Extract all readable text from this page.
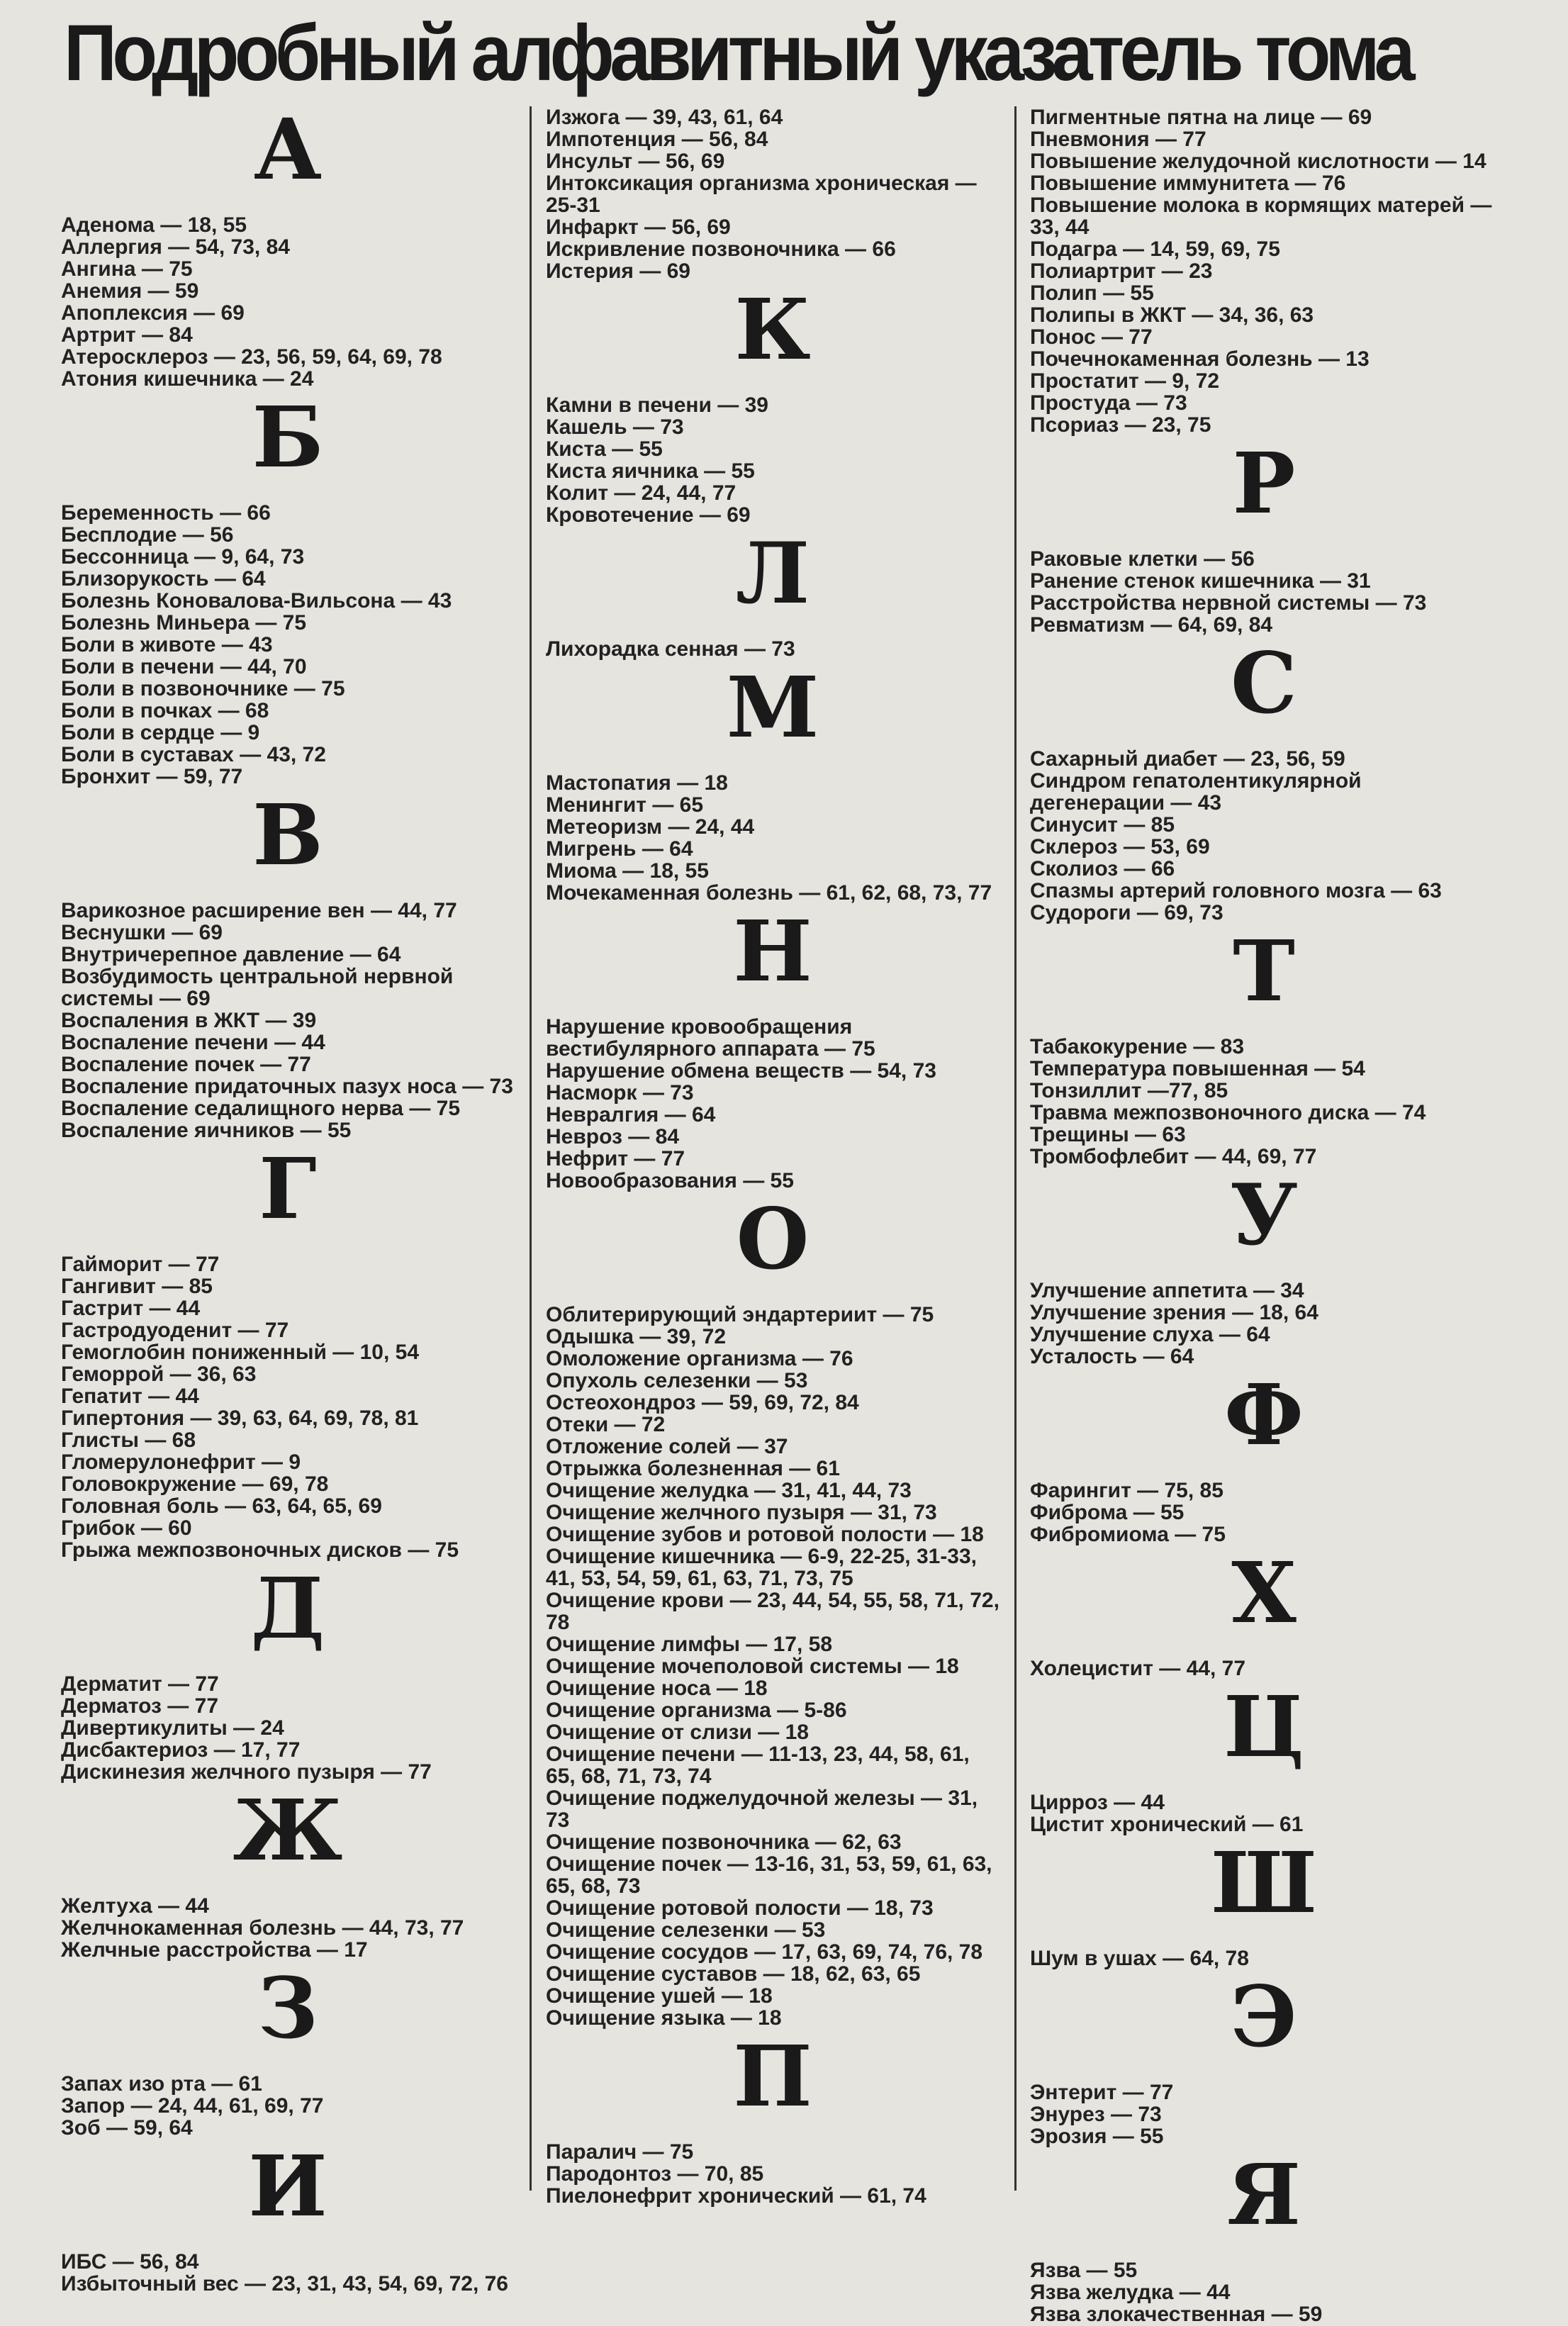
Подробный алфавитный указатель тома
А
Аденома — 18, 55
Аллергия — 54, 73, 84
Ангина — 75
Анемия — 59
Апоплексия — 69
Артрит — 84
Атеросклероз — 23, 56, 59, 64, 69, 78
Атония кишечника — 24
Б
Беременность — 66
Бесплодие — 56
Бессонница — 9, 64, 73
Близорукость — 64
Болезнь Коновалова-Вильсона — 43
Болезнь Миньера — 75
Боли в животе — 43
Боли в печени — 44, 70
Боли в позвоночнике — 75
Боли в почках — 68
Боли в сердце — 9
Боли в суставах — 43, 72
Бронхит — 59, 77
В
Варикозное расширение вен — 44, 77
Веснушки — 69
Внутричерепное давление — 64
Возбудимость центральной нервной системы — 69
Воспаления в ЖКТ — 39
Воспаление печени — 44
Воспаление почек — 77
Воспаление придаточных пазух носа — 73
Воспаление седалищного нерва — 75
Воспаление яичников — 55
Г
Гайморит — 77
Гангивит — 85
Гастрит — 44
Гастродуоденит — 77
Гемоглобин пониженный — 10, 54
Геморрой — 36, 63
Гепатит — 44
Гипертония — 39, 63, 64, 69, 78, 81
Глисты — 68
Гломерулонефрит — 9
Головокружение — 69, 78
Головная боль — 63, 64, 65, 69
Грибок — 60
Грыжа межпозвоночных дисков — 75
Д
Дерматит — 77
Дерматоз — 77
Дивертикулиты — 24
Дисбактериоз — 17, 77
Дискинезия желчного пузыря — 77
Ж
Желтуха — 44
Желчнокаменная болезнь — 44, 73, 77
Желчные расстройства — 17
З
Запах изо рта — 61
Запор — 24, 44, 61, 69, 77
Зоб — 59, 64
И
ИБС — 56, 84
Избыточный вес — 23, 31, 43, 54, 69, 72, 76
Изжога — 39, 43, 61, 64
Импотенция — 56, 84
Инсульт — 56, 69
Интоксикация организма хроническая — 25-31
Инфаркт — 56, 69
Искривление позвоночника — 66
Истерия — 69
К
Камни в печени — 39
Кашель — 73
Киста — 55
Киста яичника — 55
Колит — 24, 44, 77
Кровотечение — 69
Л
Лихорадка сенная — 73
М
Мастопатия — 18
Менингит — 65
Метеоризм — 24, 44
Мигрень — 64
Миома — 18, 55
Мочекаменная болезнь — 61, 62, 68, 73, 77
Н
Нарушение кровообращения вестибулярного аппарата — 75
Нарушение обмена веществ — 54, 73
Насморк — 73
Невралгия — 64
Невроз — 84
Нефрит — 77
Новообразования — 55
О
Облитерирующий эндартериит — 75
Одышка — 39, 72
Омоложение организма — 76
Опухоль селезенки — 53
Остеохондроз — 59, 69, 72, 84
Отеки — 72
Отложение солей — 37
Отрыжка болезненная — 61
Очищение желудка — 31, 41, 44, 73
Очищение желчного пузыря — 31, 73
Очищение зубов и ротовой полости — 18
Очищение кишечника — 6-9, 22-25, 31-33, 41, 53, 54, 59, 61, 63, 71, 73, 75
Очищение крови — 23, 44, 54, 55, 58, 71, 72, 78
Очищение лимфы — 17, 58
Очищение мочеполовой системы — 18
Очищение носа — 18
Очищение организма — 5-86
Очищение от слизи — 18
Очищение печени — 11-13, 23, 44, 58, 61, 65, 68, 71, 73, 74
Очищение поджелудочной железы — 31, 73
Очищение позвоночника — 62, 63
Очищение почек — 13-16, 31, 53, 59, 61, 63, 65, 68, 73
Очищение ротовой полости — 18, 73
Очищение селезенки — 53
Очищение сосудов — 17, 63, 69, 74, 76, 78
Очищение суставов — 18, 62, 63, 65
Очищение ушей — 18
Очищение языка — 18
П
Паралич — 75
Пародонтоз — 70, 85
Пиелонефрит хронический — 61, 74
Пигментные пятна на лице — 69
Пневмония — 77
Повышение желудочной кислотности — 14
Повышение иммунитета — 76
Повышение молока в кормящих матерей — 33, 44
Подагра — 14, 59, 69, 75
Полиартрит — 23
Полип — 55
Полипы в ЖКТ — 34, 36, 63
Понос — 77
Почечнокаменная болезнь — 13
Простатит — 9, 72
Простуда — 73
Псориаз — 23, 75
Р
Раковые клетки — 56
Ранение стенок кишечника — 31
Расстройства нервной системы — 73
Ревматизм — 64, 69, 84
С
Сахарный диабет — 23, 56, 59
Синдром гепатолентикулярной дегенерации — 43
Синусит — 85
Склероз — 53, 69
Сколиоз — 66
Спазмы артерий головного мозга — 63
Судороги — 69, 73
Т
Табакокурение — 83
Температура повышенная — 54
Тонзиллит —77, 85
Травма межпозвоночного диска — 74
Трещины — 63
Тромбофлебит — 44, 69, 77
У
Улучшение аппетита — 34
Улучшение зрения — 18, 64
Улучшение слуха — 64
Усталость — 64
Ф
Фарингит — 75, 85
Фиброма — 55
Фибромиома — 75
Х
Холецистит — 44, 77
Ц
Цирроз — 44
Цистит хронический — 61
Ш
Шум в ушах — 64, 78
Э
Энтерит — 77
Энурез — 73
Эрозия — 55
Я
Язва — 55
Язва желудка — 44
Язва злокачественная — 59
